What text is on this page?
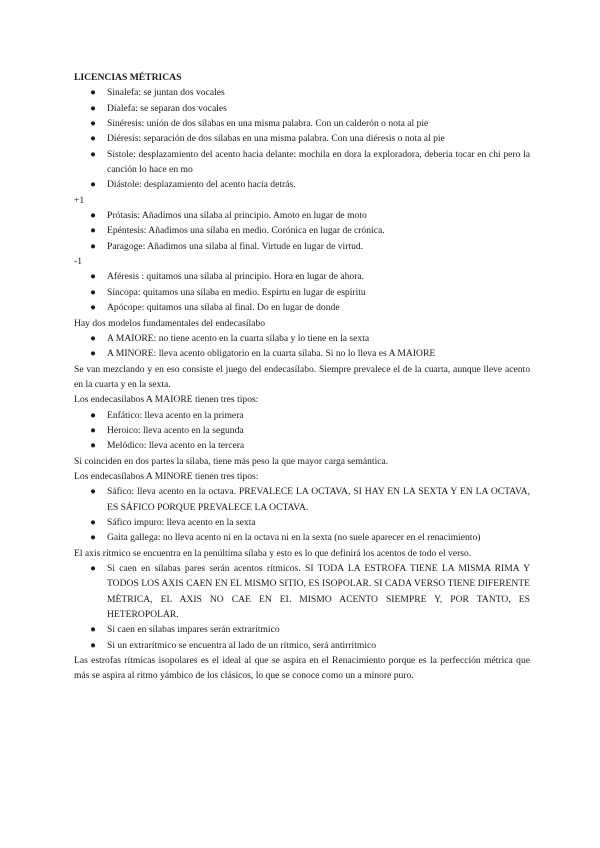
LICENCIAS MÉTRICAS
●	Sinalefa: se juntan dos vocales
●	Dialefa: se separan dos vocales
●	Sinéresis: unión de dos sílabas en una misma palabra. Con un calderón o nota al pie
●	Diéresis: separación de dos sílabas en una misma palabra. Con una diéresis o nota al pie
●	Sístole: desplazamiento del acento hacia delante: mochila en dora la exploradora, debería tocar en chi pero la canción lo hace en mo
●	Diástole: desplazamiento del acento hacia detrás.

+1

●	Prótasis: Añadimos una sílaba al principio. Amoto en lugar de moto
●	Epéntesis: Añadimos una sílaba en medio. Corónica en lugar de crónica.
●	Paragoge: Añadimos una sílaba al final. Virtude en lugar de virtud.

-1

●	Aféresis : quitamos una sílaba al principio. Hora en lugar de ahora.
●	Síncopa: quitamos una sílaba en medio. Espirtu en lugar de espíritu
●	Apócope: quitamos una sílaba al final. Do en lugar de donde

Hay dos modelos fundamentales del endecasílabo

●	A MAIORE: no tiene acento en la cuarta sílaba y lo tiene en la sexta
●	A MINORE: lleva acento obligatorio en la cuarta sílaba. Si no lo lleva es A MAIORE

Se van mezclando y en eso consiste el juego del endecasílabo. Siempre prevalece el de la cuarta, aunque lleve acento en la cuarta y en la sexta.

Los endecasílabos A MAIORE tienen tres tipos:

●	Enfático: lleva acento en la primera
●	Heroico: lleva acento en la segunda
●	Melódico: lleva acento en la tercera

Si coinciden en dos partes la sílaba, tiene más peso la que mayor carga semántica.

Los endecasílabos A MINORE tienen tres tipos:

●	Sáfico: lleva acento en la octava. PREVALECE LA OCTAVA, SI HAY EN LA SEXTA Y EN LA OCTAVA, ES SÁFICO PORQUE PREVALECE LA OCTAVA.
●	Sáfico impuro: lleva acento en la sexta
●	Gaita gallega: no lleva acento ni en la octava ni en la sexta (no suele aparecer en el renacimiento)

El axis rítmico se encuentra en la penúltima sílaba y esto es lo que definirá los acentos de todo el verso.

●	Si caen en sílabas pares serán acentos rítmicos. SI TODA LA ESTROFA TIENE LA MISMA RIMA Y TODOS LOS AXIS CAEN EN EL MISMO SITIO, ES ISOPOLAR. SI CADA VERSO TIENE DIFERENTE MÉTRICA, EL AXIS NO CAE EN EL MISMO ACENTO SIEMPRE Y, POR TANTO, ES HETEROPOLAR.
●	Si caen en sílabas impares serán extrarítmico
●	Si un extrarítmico se encuentra al lado de un rítmico, será antirrítmico

Las estrofas rítmicas isopolares es el ideal al que se aspira en el Renacimiento porque es la perfección métrica que más se aspira al ritmo yámbico de los clásicos, lo que se conoce como un a minore puro.
